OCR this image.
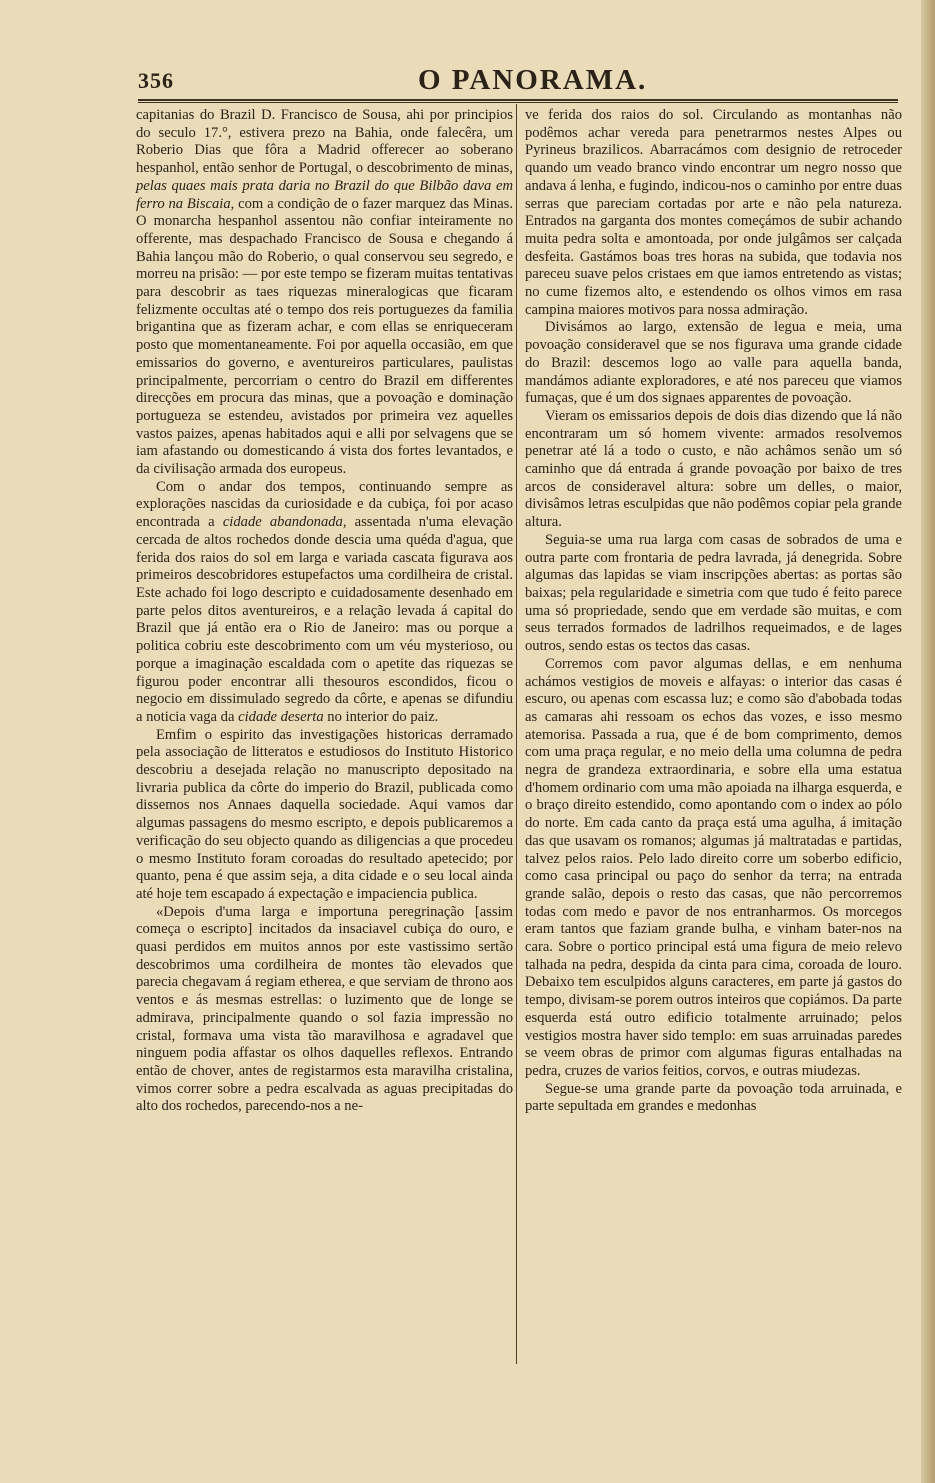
356	O PANORAMA.

capitanias do Brazil D. Francisco de Sousa, ahi por principios do seculo 17.°, estivera prezo na Bahia, onde falecêra, um Roberio Dias que fôra a Madrid offerecer ao soberano hespanhol, então senhor de Portugal, o descobrimento de minas, pelas quaes mais prata daria no Brazil do que Bilbão dava em ferro na Biscaia, com a condição de o fazer marquez das Minas. O monarcha hespanhol assentou não confiar inteiramente no offerente, mas despachado Francisco de Sousa e chegando á Bahia lançou mão do Roberio, o qual conservou seu segredo, e morreu na prisão: — por este tempo se fizeram muitas tentativas para descobrir as taes riquezas mineralogicas que ficaram felizmente occultas até o tempo dos reis portuguezes da familia brigantina que as fizeram achar, e com ellas se enriqueceram posto que momentaneamente. Foi por aquella occasião, em que emissarios do governo, e aventureiros particulares, paulistas principalmente, percorriam o centro do Brazil em differentes direcções em procura das minas, que a povoação e dominação portugueza se estendeu, avistados por primeira vez aquelles vastos paizes, apenas habitados aqui e alli por selvagens que se iam afastando ou domesticando á vista dos fortes levantados, e da civilisação armada dos europeus.

Com o andar dos tempos, continuando sempre as explorações nascidas da curiosidade e da cubiça, foi por acaso encontrada a cidade abandonada, assentada n'uma elevação cercada de altos rochedos donde descia uma quéda d'agua, que ferida dos raios do sol em larga e variada cascata figurava aos primeiros descobridores estupefactos uma cordilheira de cristal. Este achado foi logo descripto e cuidadosamente desenhado em parte pelos ditos aventureiros, e a relação levada á capital do Brazil que já então era o Rio de Janeiro: mas ou porque a politica cobriu este descobrimento com um véu mysterioso, ou porque a imaginação escaldada com o apetite das riquezas se figurou poder encontrar alli thesouros escondidos, ficou o negocio em dissimulado segredo da côrte, e apenas se difundiu a noticia vaga da cidade deserta no interior do paiz.

Emfim o espirito das investigações historicas derramado pela associação de litteratos e estudiosos do Instituto Historico descobriu a desejada relação no manuscripto depositado na livraria publica da côrte do imperio do Brazil, publicada como dissemos nos Annaes daquella sociedade. Aqui vamos dar algumas passagens do mesmo escripto, e depois publicaremos a verificação do seu objecto quando as diligencias a que procedeu o mesmo Instituto foram coroadas do resultado apetecido; por quanto, pena é que assim seja, a dita cidade e o seu local ainda até hoje tem escapado á expectação e impaciencia publica.

«Depois d'uma larga e importuna peregrinação [assim começa o escripto] incitados da insaciavel cubiça do ouro, e quasi perdidos em muitos annos por este vastissimo sertão descobrimos uma cordilheira de montes tão elevados que parecia chegavam á regiam etherea, e que serviam de throno aos ventos e ás mesmas estrellas: o luzimento que de longe se admirava, principalmente quando o sol fazia impressão no cristal, formava uma vista tão maravilhosa e agradavel que ninguem podia affastar os olhos daquelles reflexos. Entrando então de chover, antes de registarmos esta maravilha cristalina, vimos correr sobre a pedra escalvada as aguas precipitadas do alto dos rochedos, parecendo-nos a ne-

ve ferida dos raios do sol. Circulando as montanhas não podêmos achar vereda para penetrarmos nestes Alpes ou Pyrineus brazilicos. Abarracámos com designio de retroceder quando um veado branco vindo encontrar um negro nosso que andava á lenha, e fugindo, indicou-nos o caminho por entre duas serras que pareciam cortadas por arte e não pela natureza. Entrados na garganta dos montes começámos de subir achando muita pedra solta e amontoada, por onde julgâmos ser calçada desfeita. Gastámos boas tres horas na subida, que todavia nos pareceu suave pelos cristaes em que iamos entretendo as vistas; no cume fizemos alto, e estendendo os olhos vimos em rasa campina maiores motivos para nossa admiração.

Divisámos ao largo, extensão de legua e meia, uma povoação consideravel que se nos figurava uma grande cidade do Brazil: descemos logo ao valle para aquella banda, mandámos adiante exploradores, e até nos pareceu que viamos fumaças, que é um dos signaes apparentes de povoação.

Vieram os emissarios depois de dois dias dizendo que lá não encontraram um só homem vivente: armados resolvemos penetrar até lá a todo o custo, e não achâmos senão um só caminho que dá entrada á grande povoação por baixo de tres arcos de consideravel altura: sobre um delles, o maior, divisâmos letras esculpidas que não podêmos copiar pela grande altura.

Seguia-se uma rua larga com casas de sobrados de uma e outra parte com frontaria de pedra lavrada, já denegrida. Sobre algumas das lapidas se viam inscripções abertas: as portas são baixas; pela regularidade e simetria com que tudo é feito parece uma só propriedade, sendo que em verdade são muitas, e com seus terrados formados de ladrilhos requeimados, e de lages outros, sendo estas os tectos das casas.

Corremos com pavor algumas dellas, e em nenhuma achámos vestigios de moveis e alfayas: o interior das casas é escuro, ou apenas com escassa luz; e como são d'abobada todas as camaras ahi ressoam os echos das vozes, e isso mesmo atemorisa. Passada a rua, que é de bom comprimento, demos com uma praça regular, e no meio della uma columna de pedra negra de grandeza extraordinaria, e sobre ella uma estatua d'homem ordinario com uma mão apoiada na ilharga esquerda, e o braço direito estendido, como apontando com o index ao pólo do norte. Em cada canto da praça está uma agulha, á imitação das que usavam os romanos; algumas já maltratadas e partidas, talvez pelos raios. Pelo lado direito corre um soberbo edificio, como casa principal ou paço do senhor da terra; na entrada grande salão, depois o resto das casas, que não percorremos todas com medo e pavor de nos entranharmos. Os morcegos eram tantos que faziam grande bulha, e vinham bater-nos na cara. Sobre o portico principal está uma figura de meio relevo talhada na pedra, despida da cinta para cima, coroada de louro. Debaixo tem esculpidos alguns caracteres, em parte já gastos do tempo, divisam-se porem outros inteiros que copiámos. Da parte esquerda está outro edificio totalmente arruinado; pelos vestigios mostra haver sido templo: em suas arruinadas paredes se veem obras de primor com algumas figuras entalhadas na pedra, cruzes de varios feitios, corvos, e outras miudezas.

Segue-se uma grande parte da povoação toda arruinada, e parte sepultada em grandes e medonhas
